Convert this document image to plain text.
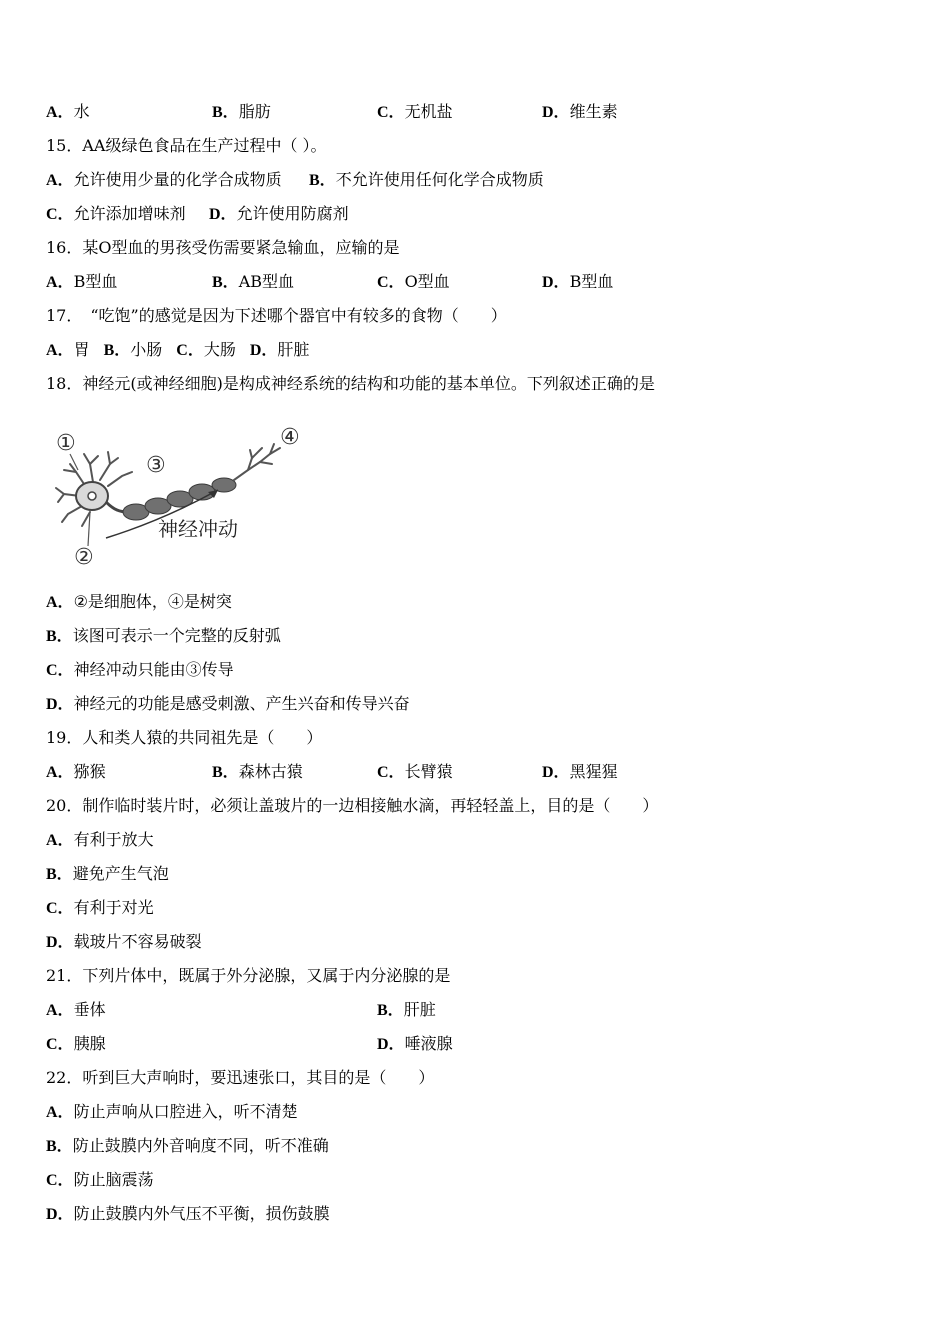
A．水	B．脂肪	C．无机盐	D．维生素
15．AA级绿色食品在生产过程中（ ）。
A．允许使用少量的化学合成物质 B．不允许使用任何化学合成物质
C．允许添加增味剂 D．允许使用防腐剂
16．某O型血的男孩受伤需要紧急输血，应输的是
A．B型血	B．AB型血	C．O型血	D．B型血
17．　“吃饱”的感觉是因为下述哪个器官中有较多的食物（　　）
A．胃 B．小肠 C．大肠 D．肝脏
18．神经元(或神经细胞)是构成神经系统的结构和功能的基本单位。下列叙述正确的是
①
③
④
②
神经冲动
A．②是细胞体，④是树突
B．该图可表示一个完整的反射弧
C．神经冲动只能由③传导
D．神经元的功能是感受刺激、产生兴奋和传导兴奋
19．人和类人猿的共同祖先是（　　）
A．猕猴	B．森林古猿	C．长臂猿	D．黑猩猩
20．制作临时装片时，必须让盖玻片的一边相接触水滴，再轻轻盖上，目的是（　　）
A．有利于放大
B．避免产生气泡
C．有利于对光
D．载玻片不容易破裂
21．下列片体中，既属于外分泌腺，又属于内分泌腺的是
A．垂体	B．肝脏
C．胰腺	D．唾液腺
22．听到巨大声响时，要迅速张口，其目的是（　　）
A．防止声响从口腔进入，听不清楚
B．防止鼓膜内外音响度不同，听不准确
C．防止脑震荡
D．防止鼓膜内外气压不平衡，损伤鼓膜
